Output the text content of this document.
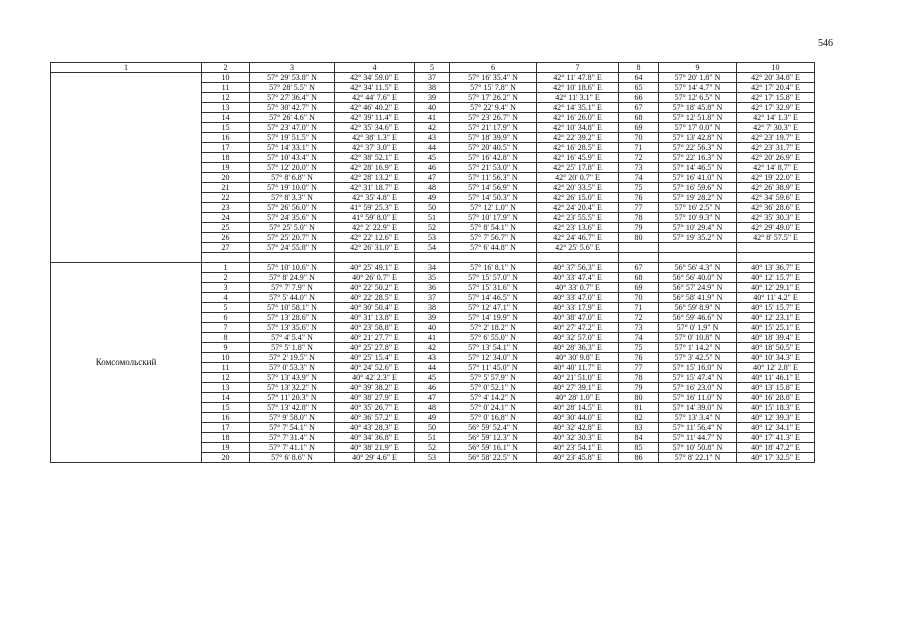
546
1	2	3	4	5	6	7	8	9	10
	10	57° 29' 53.8" N	42° 34' 59.0" E	37	57° 16' 35.4" N	42° 11' 47.8" E	64	57° 20' 1.8" N	42° 20' 34.8" E
	11	57° 28' 5.5" N	42° 34' 11.5" E	38	57° 15' 7.8" N	42° 10' 18.6" E	65	57° 14' 4.7" N	42° 17' 20.4" E
	12	57° 27' 36.4" N	42° 44' 7.6" E	39	57° 17' 26.2" N	42° 11' 3.1" E	66	57° 12' 6.5" N	42° 17' 15.8" E
	13	57° 30' 42.7" N	42° 46' 40.2" E	40	57° 22' 9.4" N	42° 14' 35.1" E	67	57° 18' 45.8" N	42° 17' 32.9" E
	14	57° 26' 4.6" N	42° 39' 11.4" E	41	57° 23' 26.7" N	42° 16' 26.0" E	68	57° 12' 51.8" N	42° 14' 1.3" E
	15	57° 23' 47.0" N	42° 35' 34.6" E	42	57° 21' 17.9" N	42° 10' 34.8" E	69	57° 17' 0.0" N	42° 7' 30.3" E
	16	57° 19' 51.5" N	42° 38' 1.3" E	43	57° 18' 39.9" N	42° 22' 39.2" E	70	57° 13' 42.8" N	42° 23' 19.7" E
	17	57° 14' 33.1" N	42° 37' 3.0" E	44	57° 20' 40.5" N	42° 16' 28.5" E	71	57° 22' 56.3" N	42° 23' 31.7" E
	18	57° 10' 43.4" N	42° 38' 52.1" E	45	57° 16' 42.8" N	42° 16' 45.9" E	72	57° 22' 16.3" N	42° 20' 26.9" E
	19	57° 12' 20.0" N	42° 28' 16.9" E	46	57° 21' 53.0" N	42° 25' 17.8" E	73	57° 14' 46.5" N	42° 14' 8.7" E
	20	57° 8' 6.8" N	42° 28' 13.2" E	47	57° 11' 56.3" N	42° 20' 0.7" E	74	57° 16' 41.0" N	42° 19' 22.0" E
	21	57° 19' 10.0" N	42° 31' 18.7" E	48	57° 14' 56.9" N	42° 20' 33.5" E	75	57° 16' 59.6" N	42° 26' 38.9" E
	22	57° 8' 3.3" N	42° 35' 4.8" E	49	57° 14' 50.3" N	42° 26' 15.0" E	76	57° 19' 28.2" N	42° 34' 59.6" E
	23	57° 26' 56.0" N	41° 59' 25.3" E	50	57° 12' 1.0" N	42° 24' 20.4" E	77	57° 16' 2.5" N	42° 36' 28.6" E
	24	57° 24' 35.6" N	41° 59' 8.0" E	51	57° 10' 17.9" N	42° 23' 55.5" E	78	57° 10' 9.3" N	42° 35' 30.3" E
	25	57° 25' 5.0" N	42° 2' 22.9" E	52	57° 8' 54.1" N	42° 23' 13.6" E	79	57° 10' 29.4" N	42° 29' 49.0" E
	26	57° 25' 20.7" N	42° 22' 12.6" E	53	57° 7' 56.7" N	42° 24' 46.7" E	80	57° 19' 35.2" N	42° 8' 57.5" E
	27	57° 24' 55.8" N	42° 26' 31.0" E	54	57° 6' 44.8" N	42° 25' 5.6" E			

Комсомольский	1	57° 10' 10.6" N	40° 25' 49.1" E	34	57° 16' 8.1" N	40° 37' 56.3" E	67	56° 56' 4.3" N	40° 13' 36.7" E
	2	57° 8' 24.9" N	40° 26' 0.7" E	35	57° 15' 57.0" N	40° 33' 47.4" E	68	56° 56' 40.0" N	40° 12' 15.7" E
	3	57° 7' 7.9" N	40° 22' 50.2" E	36	57° 15' 31.6" N	40° 33' 0.7" E	69	56° 57' 24.9" N	40° 12' 29.1" E
	4	57° 5' 44.0" N	40° 22' 28.5" E	37	57° 14' 46.5" N	40° 33' 47.0" E	70	56° 58' 41.9" N	40° 11' 4.2" E
	5	57° 10' 58.1" N	40° 30' 50.4" E	38	57° 12' 47.1" N	40° 33' 17.9" E	71	56° 59' 8.9" N	40° 15' 15.7" E
	6	57° 13' 28.6" N	40° 31' 13.8" E	39	57° 14' 19.9" N	40° 38' 47.0" E	72	56° 59' 46.6" N	40° 12' 23.1" E
	7	57° 13' 35.6" N	40° 23' 58.8" E	40	57° 2' 18.2" N	40° 27' 47.2" E	73	57° 0' 1.9" N	40° 15' 25.1" E
	8	57° 4' 5.4" N	40° 21' 27.7" E	41	57° 6' 55.0" N	40° 32' 57.0" E	74	57° 0' 10.8" N	40° 18' 39.4" E
	9	57° 5' 1.8" N	40° 25' 27.8" E	42	57° 13' 54.1" N	40° 28' 36.3" E	75	57° 1' 14.2" N	40° 18' 50.5" E
	10	57° 2' 19.5" N	40° 25' 15.4" E	43	57° 12' 34.0" N	40° 30' 9.8" E	76	57° 3' 42.5" N	40° 10' 34.3" E
	11	57° 0' 53.3" N	40° 24' 52.6" E	44	57° 11' 45.0" N	40° 40' 11.7" E	77	57° 15' 16.0" N	40° 12' 2.8" E
	12	57° 13' 43.9" N	40° 42' 2.3" E	45	57° 5' 57.9" N	40° 21' 51.0" E	78	57° 15' 47.4" N	40° 11' 46.1" E
	13	57° 13' 32.2" N	40° 39' 38.2" E	46	57° 0' 52.1" N	40° 27' 39.1" E	79	57° 16' 23.0" N	40° 13' 15.8" E
	14	57° 11' 20.3" N	40° 38' 27.9" E	47	57° 4' 14.2" N	40° 28' 1.0" E	80	57° 16' 11.0" N	40° 16' 28.8" E
	15	57° 13' 42.8" N	40° 35' 26.7" E	48	57° 0' 24.1" N	40° 28' 14.5" E	81	57° 14' 39.0" N	40° 15' 18.3" E
	16	57° 9' 58.0" N	40° 36' 57.2" E	49	57° 0' 16.8" N	40° 30' 44.0" E	82	57° 13' 3.4" N	40° 12' 39.3" E
	17	57° 7' 54.1" N	40° 43' 28.3" E	50	56° 59' 52.4" N	40° 32' 42.8" E	83	57° 11' 56.4" N	40° 12' 34.1" E
	18	57° 7' 31.4" N	40° 34' 36.8" E	51	56° 59' 12.3" N	40° 32' 30.3" E	84	57° 11' 44.7" N	40° 17' 41.3" E
	19	57° 7' 41.1" N	40° 38' 21.9" E	52	56° 59' 16.1" N	40° 23' 54.1" E	85	57° 10' 50.8" N	40° 18' 47.2" E
	20	57° 6' 8.6" N	40° 29' 4.6" E	53	56° 58' 22.5" N	40° 23' 45.8" E	86	57° 8' 22.1" N	40° 17' 32.5" E
